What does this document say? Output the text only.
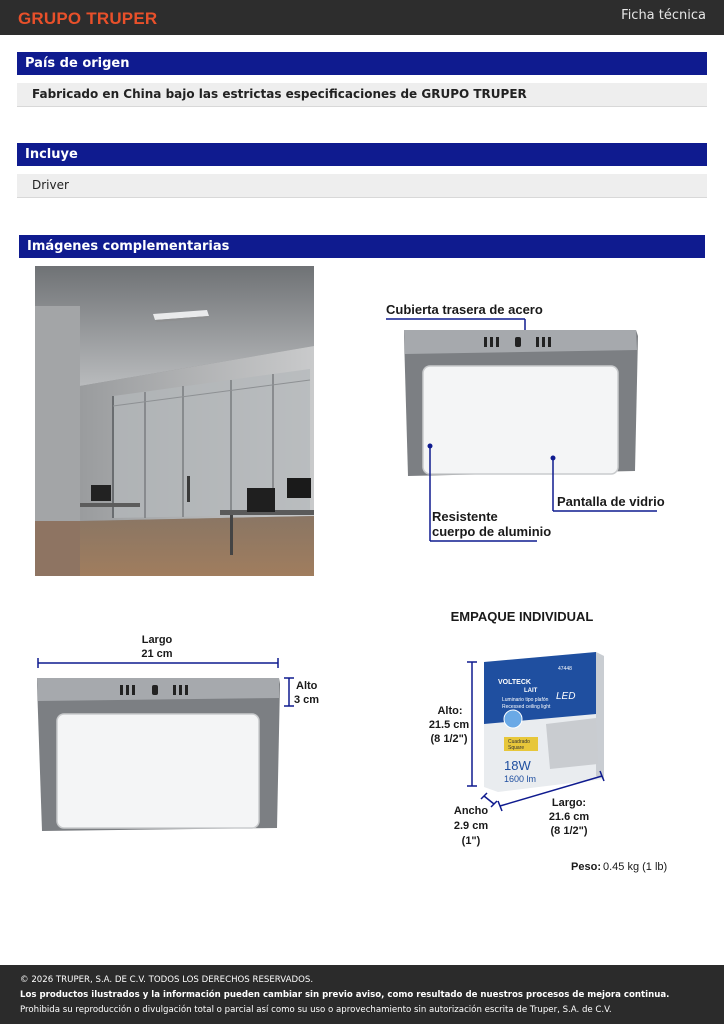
GRUPO TRUPER	Ficha técnica
País de origen
Fabricado en China bajo las estrictas especificaciones de GRUPO TRUPER
Incluye
Driver
Imágenes complementarias
Cubierta trasera de acero
Pantalla de vidrio
Resistente
cuerpo de aluminio
Largo
21 cm
Alto
3 cm
EMPAQUE INDIVIDUAL
Alto:
21.5 cm
(8 1/2")
VOLTECK
LAIT
47448
Luminario tipo plafón
Recessed ceiling light
LED
Cuadrado
Square
18W
1600 lm
Ancho
2.9 cm
(1")
Largo:
21.6 cm
(8 1/2")
Peso: 0.45 kg (1 lb)
© 2026 TRUPER, S.A. DE C.V. TODOS LOS DERECHOS RESERVADOS.
Los productos ilustrados y la información pueden cambiar sin previo aviso, como resultado de nuestros procesos de mejora continua.
Prohibida su reproducción o divulgación total o parcial así como su uso o aprovechamiento sin autorización escrita de Truper, S.A. de C.V.
